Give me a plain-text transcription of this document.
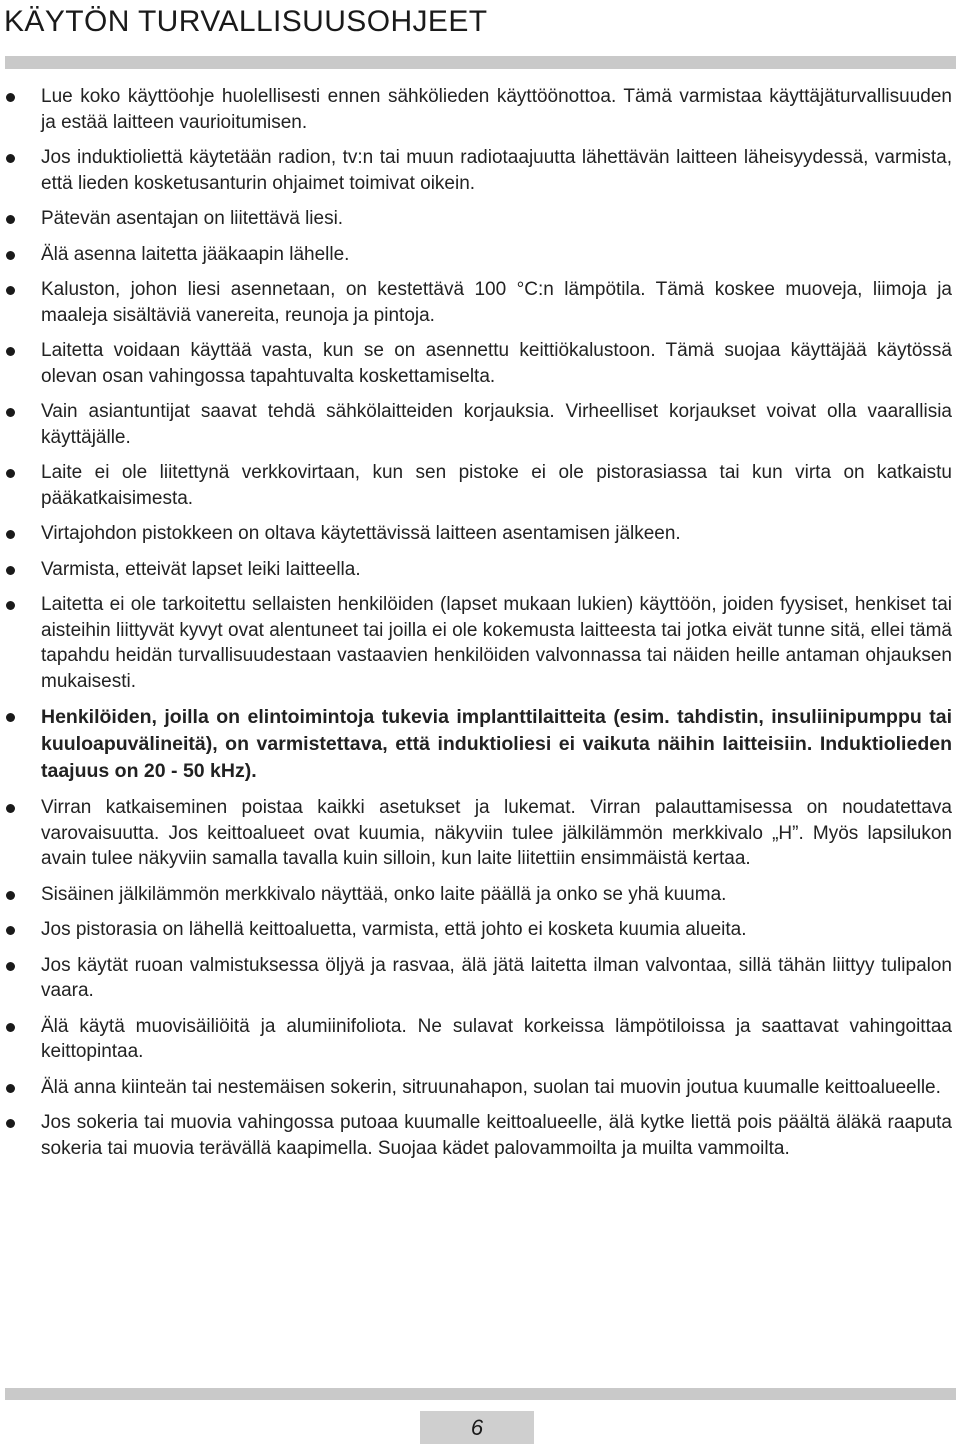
KÄYTÖN TURVALLISUUSOHJEET
Lue koko käyttöohje huolellisesti ennen sähkölieden käyttöönottoa. Tämä varmistaa käyttäjäturvallisuuden ja estää laitteen vaurioitumisen.
Jos induktioliettä käytetään radion, tv:n tai muun radiotaajuutta lähettävän laitteen läheisyydessä, varmista, että lieden kosketusanturin ohjaimet toimivat oikein.
Pätevän asentajan on liitettävä liesi.
Älä asenna laitetta jääkaapin lähelle.
Kaluston, johon liesi asennetaan, on kestettävä 100 °C:n lämpötila. Tämä koskee muoveja, liimoja ja maaleja sisältäviä vanereita, reunoja ja pintoja.
Laitetta voidaan käyttää vasta, kun se on asennettu keittiökalustoon. Tämä suojaa käyttäjää käytössä olevan osan vahingossa tapahtuvalta koskettamiselta.
Vain asiantuntijat saavat tehdä sähkölaitteiden korjauksia. Virheelliset korjaukset voivat olla vaarallisia käyttäjälle.
Laite ei ole liitettynä verkkovirtaan, kun sen pistoke ei ole pistorasiassa tai kun virta on katkaistu pääkatkaisimesta.
Virtajohdon pistokkeen on oltava käytettävissä laitteen asentamisen jälkeen.
Varmista, etteivät lapset leiki laitteella.
Laitetta ei ole tarkoitettu sellaisten henkilöiden (lapset mukaan lukien) käyttöön, joiden fyysiset, henkiset tai aisteihin liittyvät kyvyt ovat alentuneet tai joilla ei ole kokemusta laitteesta tai jotka eivät tunne sitä, ellei tämä tapahdu heidän turvallisuudestaan vastaavien henkilöiden valvonnassa tai näiden heille antaman ohjauksen mukaisesti.
Henkilöiden, joilla on elintoimintoja tukevia implanttilaitteita (esim. tahdistin, insuliinipumppu tai kuuloapuvälineitä), on varmistettava, että induktioliesi ei vaikuta näihin laitteisiin. Induktiolieden taajuus on 20 - 50 kHz).
Virran katkaiseminen poistaa kaikki asetukset ja lukemat. Virran palauttamisessa on noudatettava varovaisuutta. Jos keittoalueet ovat kuumia, näkyviin tulee jälkilämmön merkkivalo „H”. Myös lapsilukon avain tulee näkyviin samalla tavalla kuin silloin, kun laite liitettiin ensimmäistä kertaa.
Sisäinen jälkilämmön merkkivalo näyttää, onko laite päällä ja onko se yhä kuuma.
Jos pistorasia on lähellä keittoaluetta, varmista, että johto ei kosketa kuumia alueita.
Jos käytät ruoan valmistuksessa öljyä ja rasvaa, älä jätä laitetta ilman valvontaa, sillä tähän liittyy tulipalon vaara.
Älä käytä muovisäiliöitä ja alumiinifoliota. Ne sulavat korkeissa lämpötiloissa ja saattavat vahingoittaa keittopintaa.
Älä anna kiinteän tai nestemäisen sokerin, sitruunahapon, suolan tai muovin joutua kuumalle keittoalueelle.
Jos sokeria tai muovia vahingossa putoaa kuumalle keittoalueelle, älä kytke liettä pois päältä äläkä raaputa sokeria tai muovia terävällä kaapimella. Suojaa kädet palovammoilta ja muilta vammoilta.
6
